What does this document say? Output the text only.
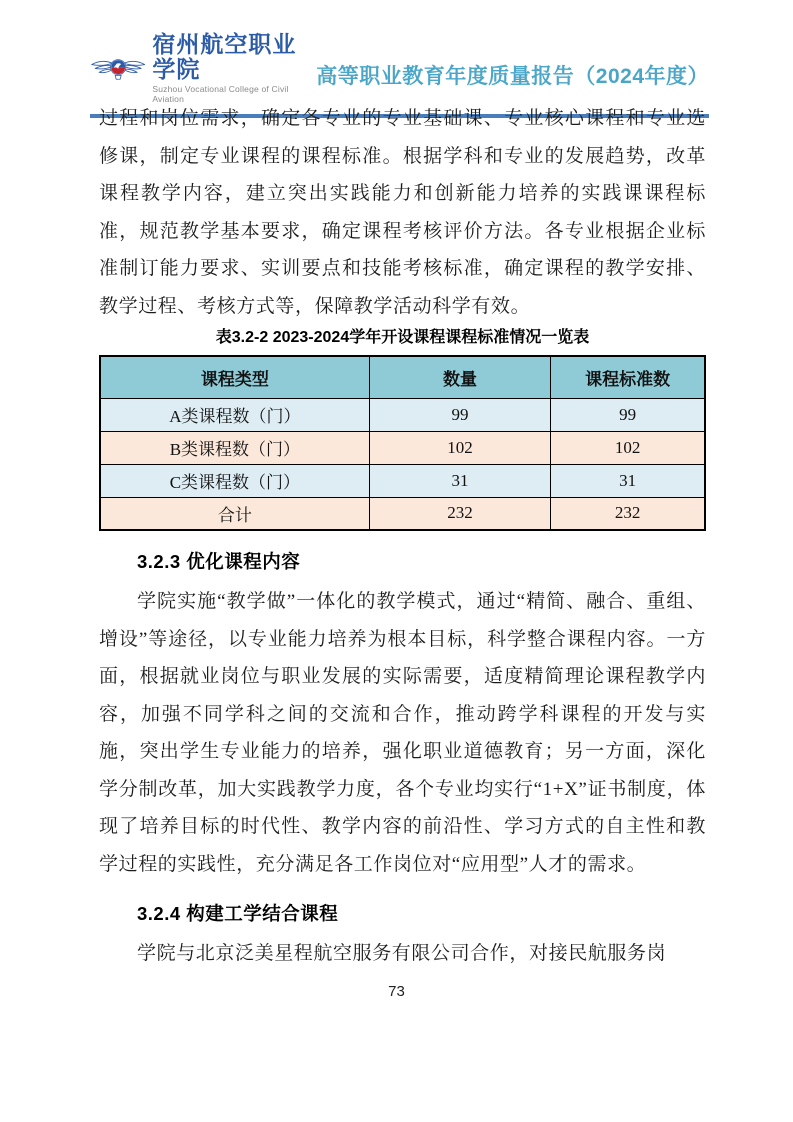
宿州航空职业学院
Suzhou Vocational College of Civil Aviation
高等职业教育年度质量报告（2024年度）

过程和岗位需求，确定各专业的专业基础课、专业核心课程和专业选修课，制定专业课程的课程标准。根据学科和专业的发展趋势，改革课程教学内容，建立突出实践能力和创新能力培养的实践课课程标准，规范教学基本要求，确定课程考核评价方法。各专业根据企业标准制订能力要求、实训要点和技能考核标准，确定课程的教学安排、教学过程、考核方式等，保障教学活动科学有效。

表3.2-2 2023-2024学年开设课程课程标准情况一览表
课程类型	数量	课程标准数
A类课程数（门）	99	99
B类课程数（门）	102	102
C类课程数（门）	31	31
合计	232	232
3.2.3 优化课程内容

学院实施“教学做”一体化的教学模式，通过“精简、融合、重组、增设”等途径，以专业能力培养为根本目标，科学整合课程内容。一方面，根据就业岗位与职业发展的实际需要，适度精简理论课程教学内容，加强不同学科之间的交流和合作，推动跨学科课程的开发与实施，突出学生专业能力的培养，强化职业道德教育；另一方面，深化学分制改革，加大实践教学力度，各个专业均实行“1+X”证书制度，体现了培养目标的时代性、教学内容的前沿性、学习方式的自主性和教学过程的实践性，充分满足各工作岗位对“应用型”人才的需求。

3.2.4 构建工学结合课程

学院与北京泛美星程航空服务有限公司合作，对接民航服务岗

73
